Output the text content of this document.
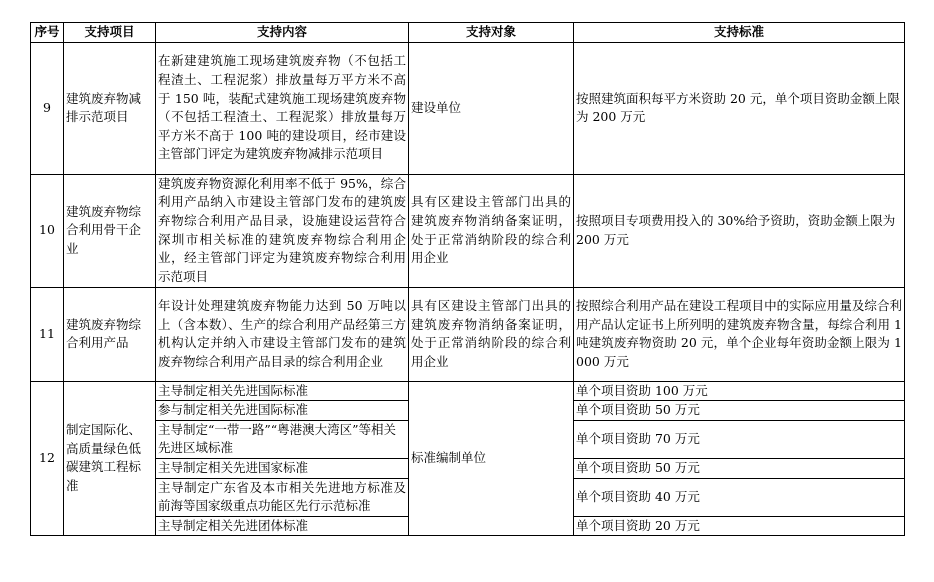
序号	支持项目	支持内容	支持对象	支持标准
9	建筑废弃物减排示范项目	在新建建筑施工现场建筑废弃物（不包括工程渣土、工程泥浆）排放量每万平方米不高于 150 吨，装配式建筑施工现场建筑废弃物（不包括工程渣土、工程泥浆）排放量每万平方米不高于 100 吨的建设项目，经市建设主管部门评定为建筑废弃物减排示范项目	建设单位	按照建筑面积每平方米资助 20 元，单个项目资助金额上限为 200 万元
10	建筑废弃物综合利用骨干企业	建筑废弃物资源化利用率不低于 95%，综合利用产品纳入市建设主管部门发布的建筑废弃物综合利用产品目录，设施建设运营符合深圳市相关标准的建筑废弃物综合利用企业，经主管部门评定为建筑废弃物综合利用示范项目	具有区建设主管部门出具的建筑废弃物消纳备案证明，处于正常消纳阶段的综合利用企业	按照项目专项费用投入的 30%给予资助，资助金额上限为 200 万元
11	建筑废弃物综合利用产品	年设计处理建筑废弃物能力达到 50 万吨以上（含本数）、生产的综合利用产品经第三方机构认定并纳入市建设主管部门发布的建筑废弃物综合利用产品目录的综合利用企业	具有区建设主管部门出具的建筑废弃物消纳备案证明，处于正常消纳阶段的综合利用企业	按照综合利用产品在建设工程项目中的实际应用量及综合利用产品认定证书上所列明的建筑废弃物含量，每综合利用 1 吨建筑废弃物资助 20 元，单个企业每年资助金额上限为 1000 万元
12	制定国际化、高质量绿色低碳建筑工程标准	主导制定相关先进国际标准	标准编制单位	单个项目资助 100 万元
		参与制定相关先进国际标准		单个项目资助 50 万元
		主导制定“一带一路”“粤港澳大湾区”等相关先进区域标准		单个项目资助 70 万元
		主导制定相关先进国家标准		单个项目资助 50 万元
		主导制定广东省及本市相关先进地方标准及前海等国家级重点功能区先行示范标准		单个项目资助 40 万元
		主导制定相关先进团体标准		单个项目资助 20 万元
